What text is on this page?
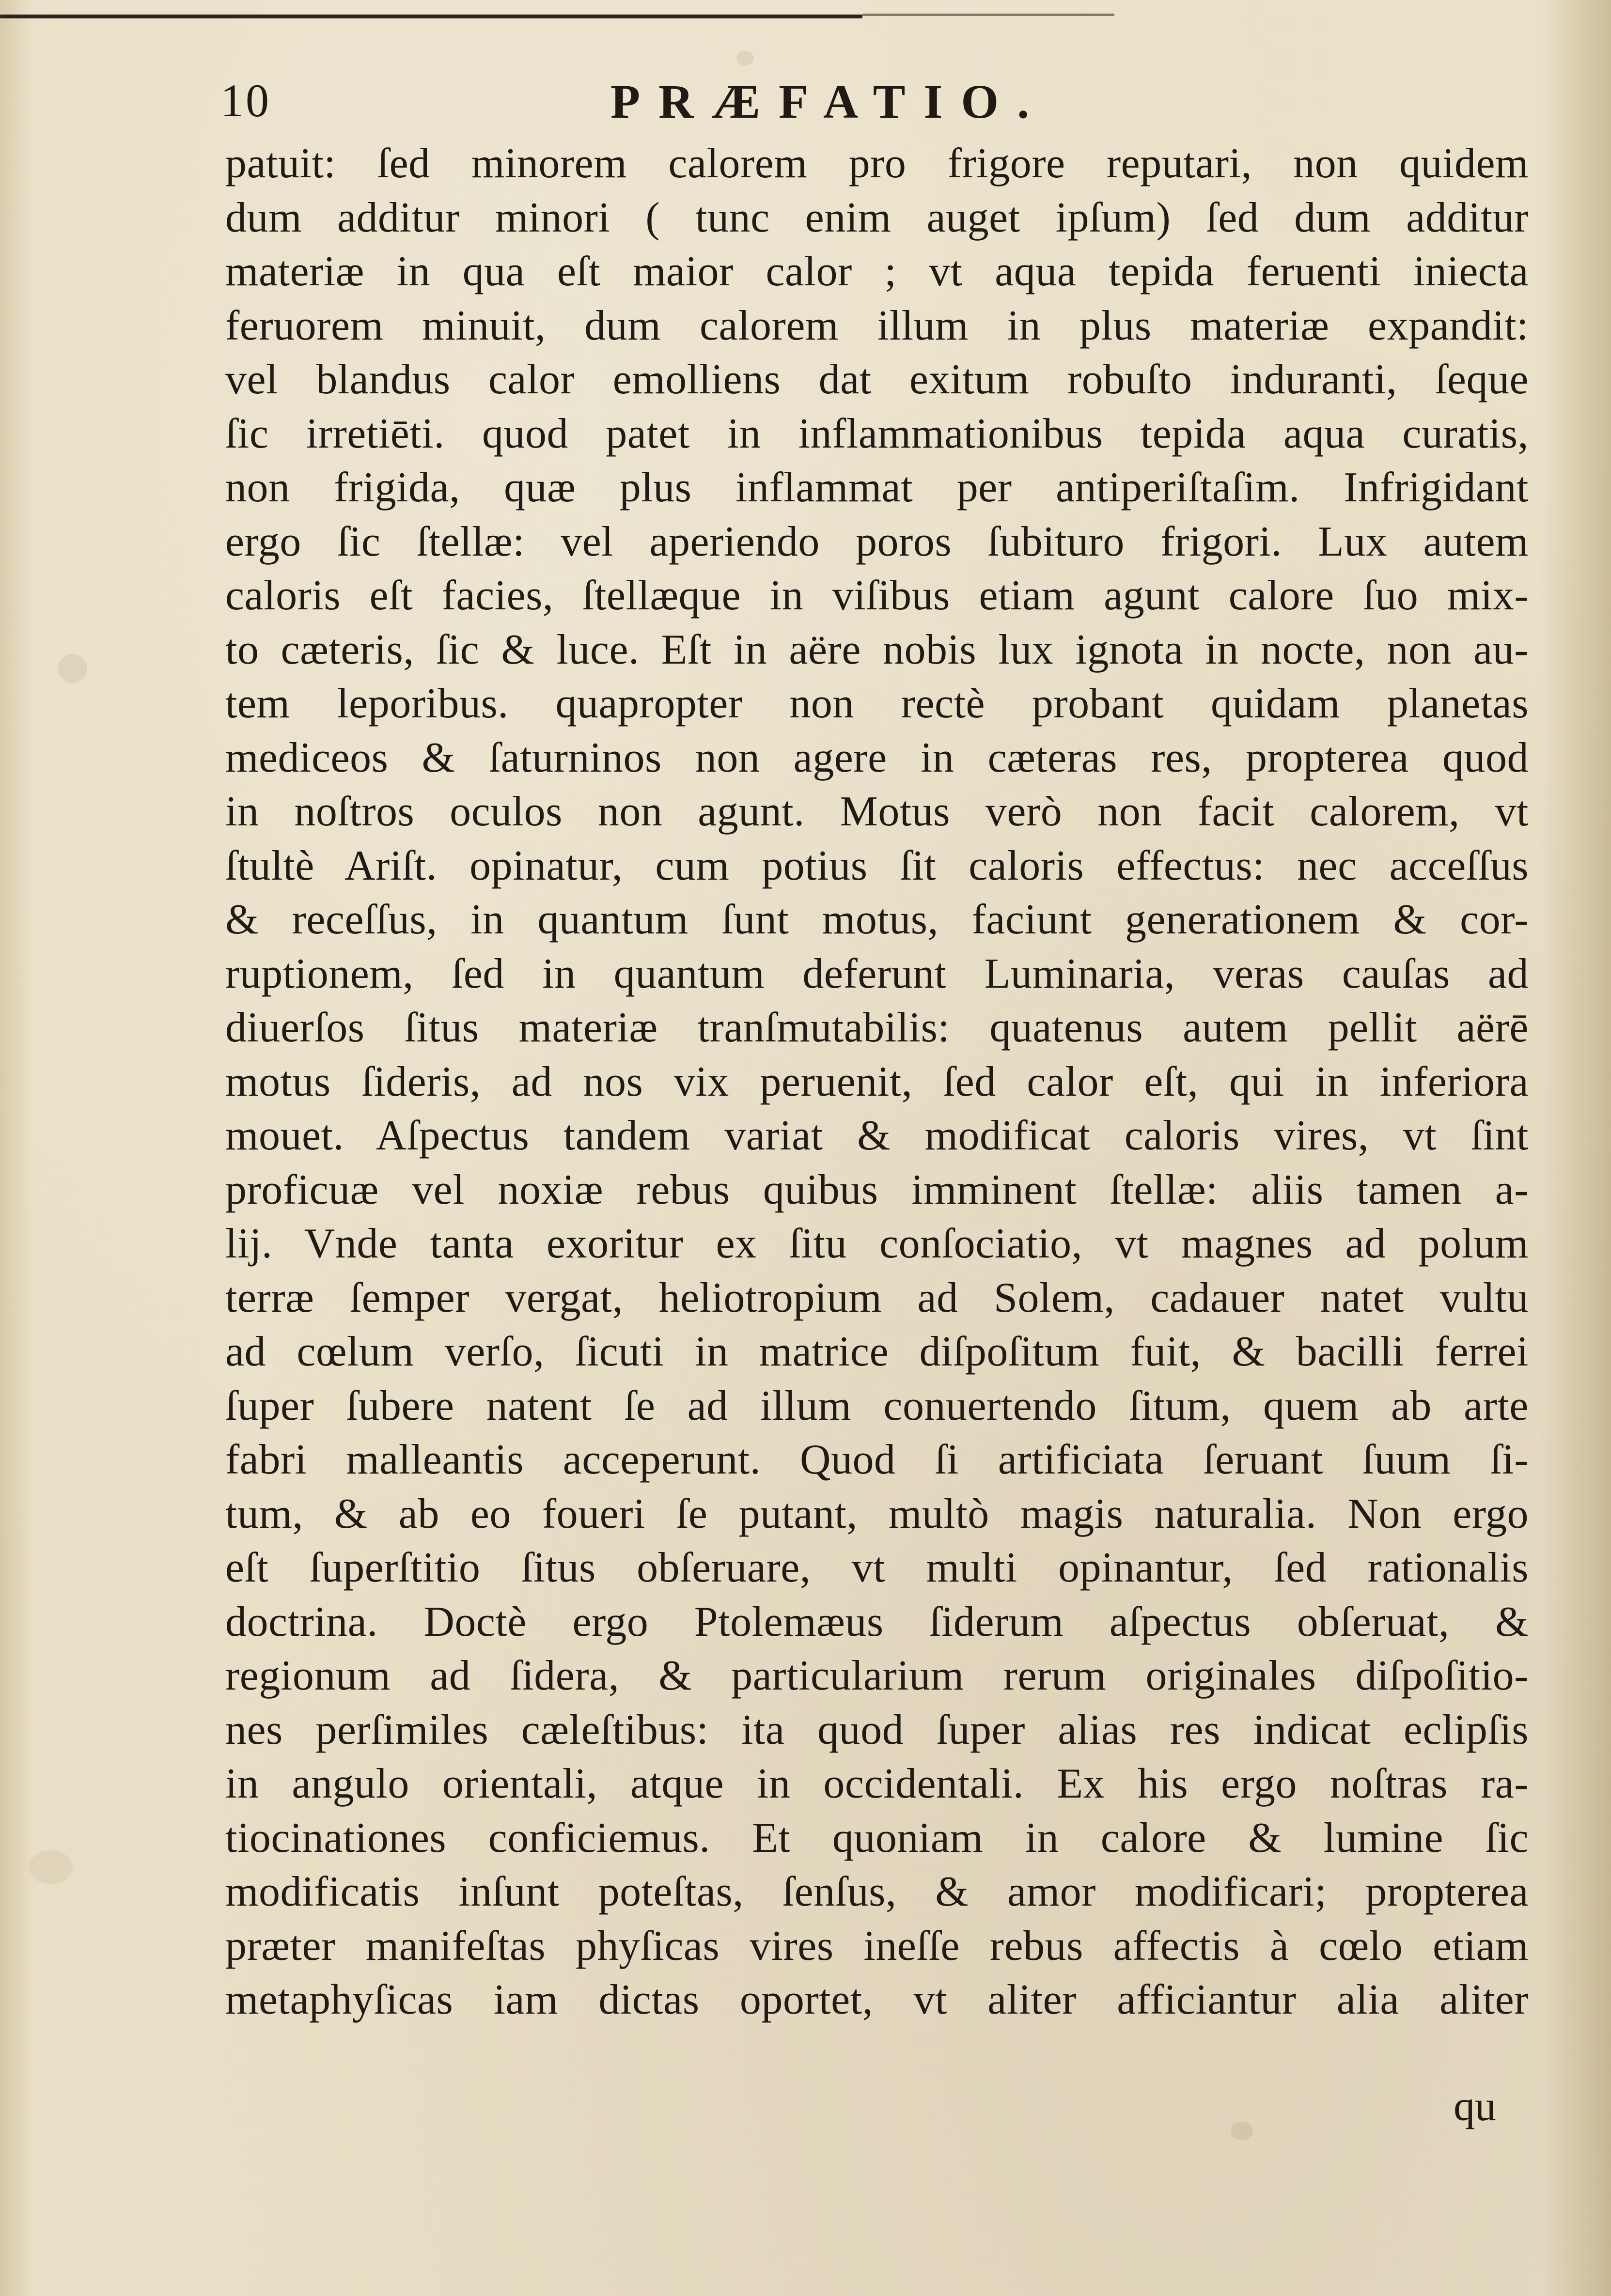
10	PRÆFATIO.
patuit: ſed minorem calorem pro frigore reputari, non quidem
dum additur minori ( tunc enim auget ipſum) ſed dum additur
materiæ in qua eſt maior calor ; vt aqua tepida feruenti iniecta
feruorem minuit, dum calorem illum in plus materiæ expandit:
vel blandus calor emolliens dat exitum robuſto induranti, ſeque
ſic irretiēti. quod patet in inflammationibus tepida aqua curatis,
non frigida, quæ plus inflammat per antiperiſtaſim. Infrigidant
ergo ſic ſtellæ: vel aperiendo poros ſubituro frigori. Lux autem
caloris eſt facies, ſtellæque in viſibus etiam agunt calore ſuo mix-
to cæteris, ſic & luce. Eſt in aëre nobis lux ignota in nocte, non au-
tem leporibus. quapropter non rectè probant quidam planetas
mediceos & ſaturninos non agere in cæteras res, propterea quod
in noſtros oculos non agunt. Motus verò non facit calorem, vt
ſtultè Ariſt. opinatur, cum potius ſit caloris effectus: nec acceſſus
& receſſus, in quantum ſunt motus, faciunt generationem & cor-
ruptionem, ſed in quantum deferunt Luminaria, veras cauſas ad
diuerſos ſitus materiæ tranſmutabilis: quatenus autem pellit aërē
motus ſideris, ad nos vix peruenit, ſed calor eſt, qui in inferiora
mouet. Aſpectus tandem variat & modificat caloris vires, vt ſint
proficuæ vel noxiæ rebus quibus imminent ſtellæ: aliis tamen a-
lij. Vnde tanta exoritur ex ſitu conſociatio, vt magnes ad polum
terræ ſemper vergat, heliotropium ad Solem, cadauer natet vultu
ad cœlum verſo, ſicuti in matrice diſpoſitum fuit, & bacilli ferrei
ſuper ſubere natent ſe ad illum conuertendo ſitum, quem ab arte
fabri malleantis acceperunt. Quod ſi artificiata ſeruant ſuum ſi-
tum, & ab eo foueri ſe putant, multò magis naturalia. Non ergo
eſt ſuperſtitio ſitus obſeruare, vt multi opinantur, ſed rationalis
doctrina. Doctè ergo Ptolemæus ſiderum aſpectus obſeruat, &
regionum ad ſidera, & particularium rerum originales diſpoſitio-
nes perſimiles cæleſtibus: ita quod ſuper alias res indicat eclipſis
in angulo orientali, atque in occidentali. Ex his ergo noſtras ra-
tiocinationes conficiemus. Et quoniam in calore & lumine ſic
modificatis inſunt poteſtas, ſenſus, & amor modificari; propterea
præter manifeſtas phyſicas vires ineſſe rebus affectis à cœlo etiam
metaphyſicas iam dictas oportet, vt aliter afficiantur alia aliter
qu
